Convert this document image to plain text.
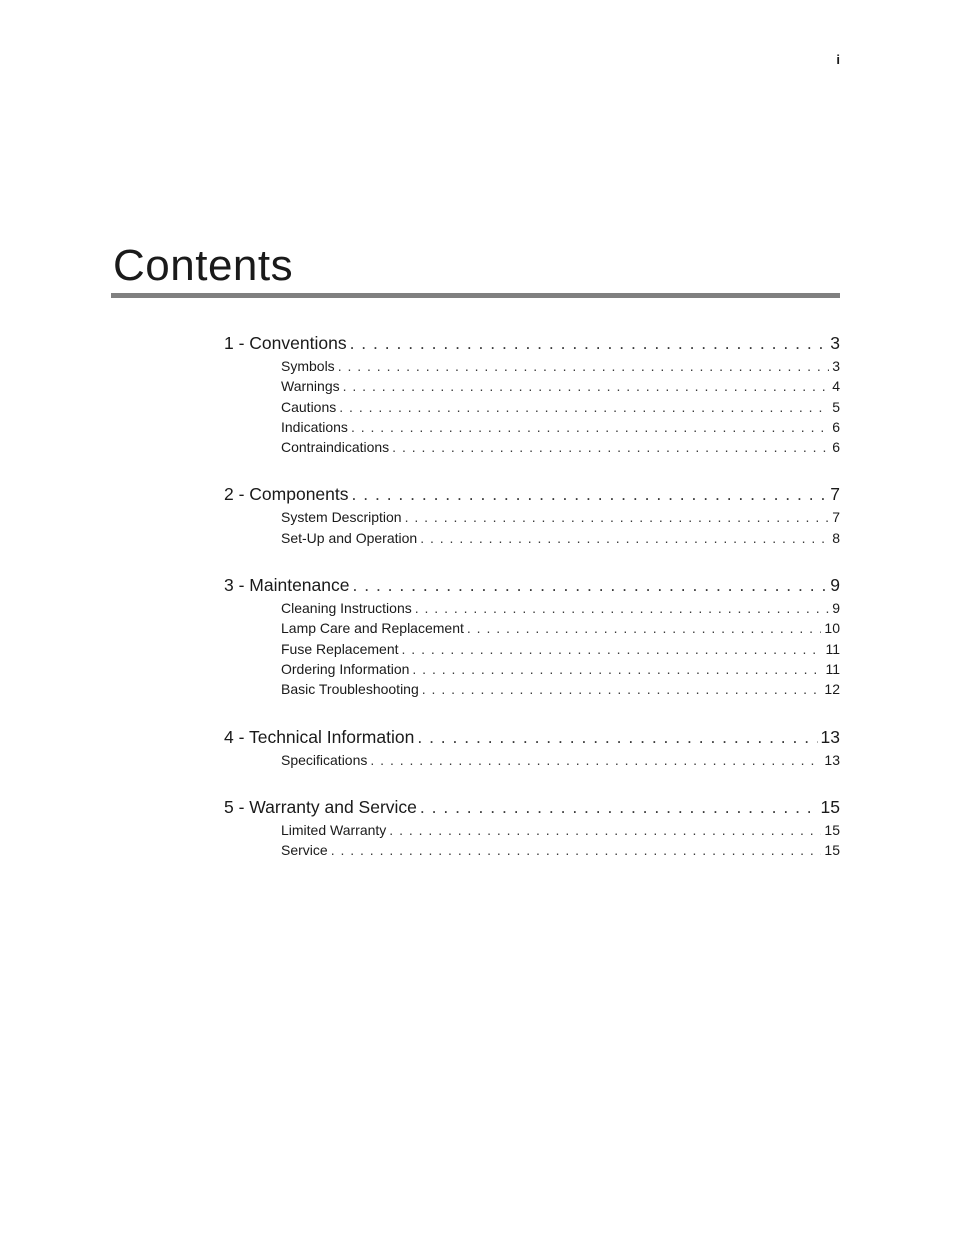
i
Contents
1 - Conventions . . .	3
Symbols . . .	3
Warnings . . .	4
Cautions . . .	5
Indications . . .	6
Contraindications . . .	6
2 - Components . . .	7
System Description . . .	7
Set-Up and Operation . . .	8
3 - Maintenance . . .	9
Cleaning Instructions . . .	9
Lamp Care and Replacement . . .	10
Fuse Replacement . . .	11
Ordering Information . . .	11
Basic Troubleshooting . . .	12
4 - Technical Information . . .	13
Specifications . . .	13
5 - Warranty and Service . . .	15
Limited Warranty . . .	15
Service . . .	15
